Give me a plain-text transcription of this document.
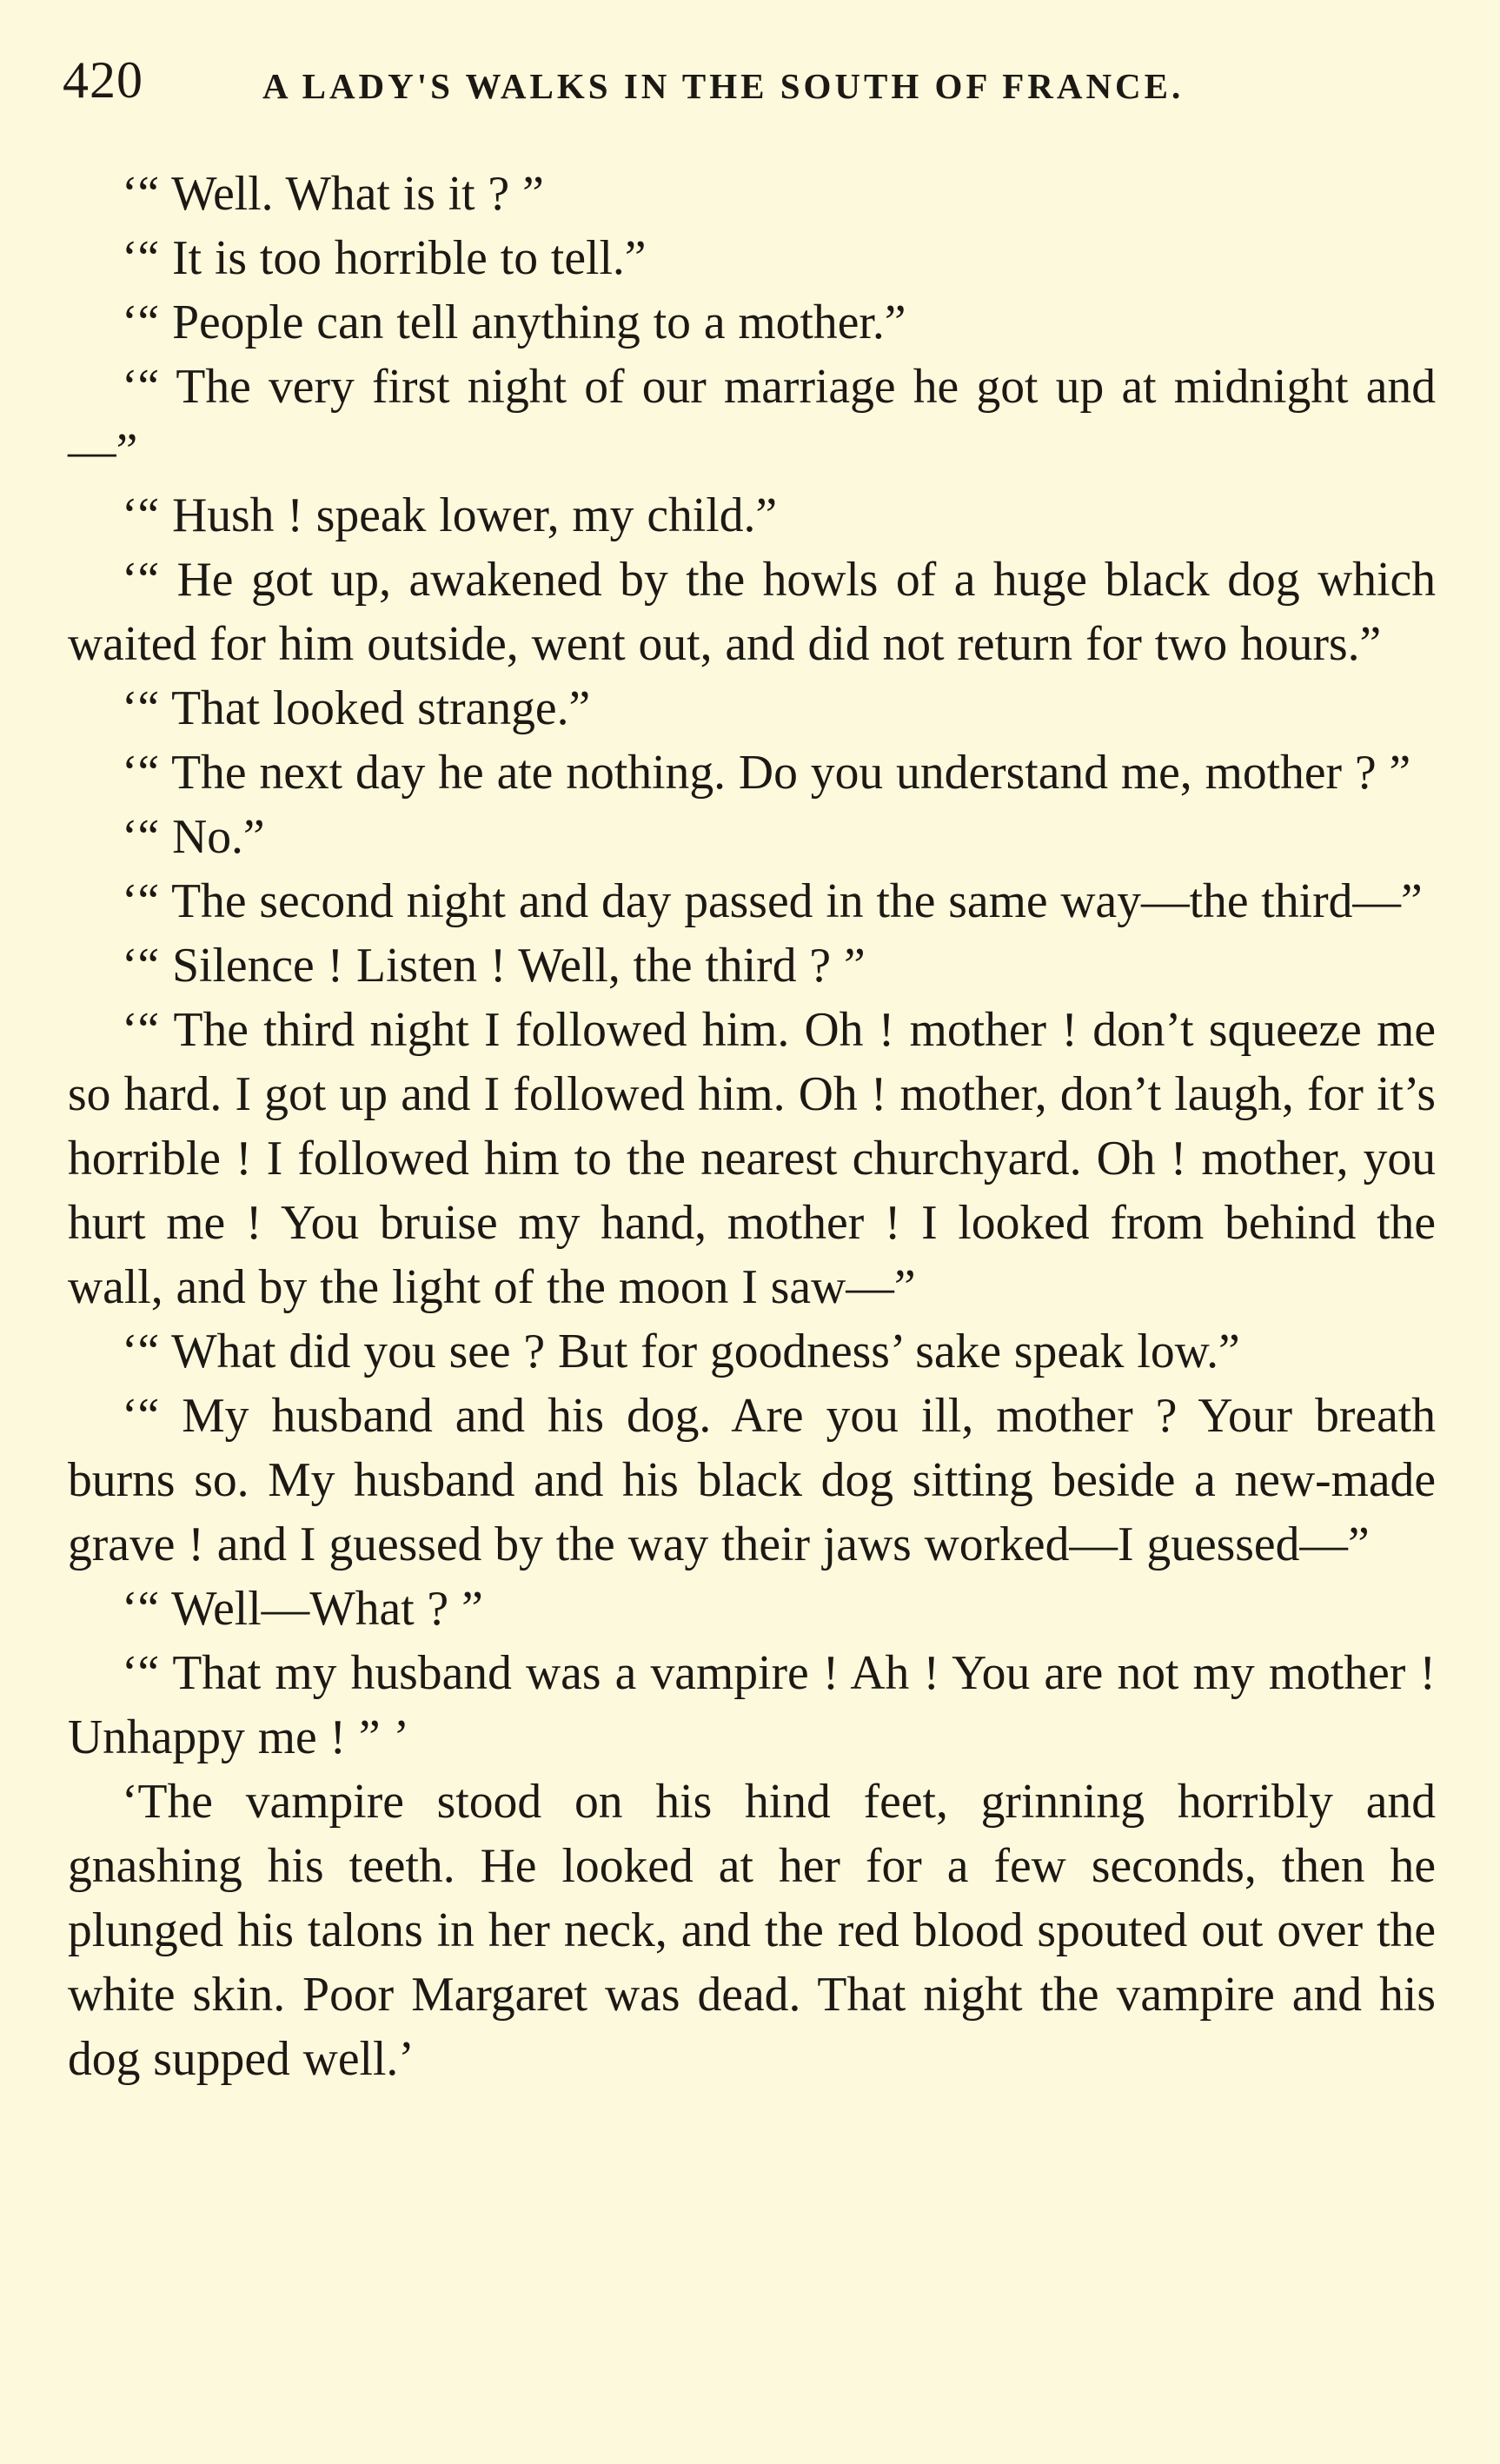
420	A LADY'S WALKS IN THE SOUTH OF FRANCE.

‘“ Well. What is it ? ”

‘“ It is too horrible to tell.”

‘“ People can tell anything to a mother.”

‘“ The very first night of our marriage he got up at midnight and—”

‘“ Hush ! speak lower, my child.”

‘“ He got up, awakened by the howls of a huge black dog which waited for him outside, went out, and did not return for two hours.”

‘“ That looked strange.”

‘“ The next day he ate nothing. Do you understand me, mother ? ”

‘“ No.”

‘“ The second night and day passed in the same way—the third—”

‘“ Silence ! Listen ! Well, the third ? ”

‘“ The third night I followed him. Oh ! mother ! don’t squeeze me so hard. I got up and I followed him. Oh ! mother, don’t laugh, for it’s horrible ! I followed him to the nearest churchyard. Oh ! mother, you hurt me ! You bruise my hand, mother ! I looked from behind the wall, and by the light of the moon I saw—”

‘“ What did you see ? But for goodness’ sake speak low.”

‘“ My husband and his dog. Are you ill, mother ? Your breath burns so. My husband and his black dog sitting beside a new-made grave ! and I guessed by the way their jaws worked—I guessed—”

‘“ Well—What ? ”

‘“ That my husband was a vampire ! Ah ! You are not my mother ! Unhappy me ! ” ’

‘The vampire stood on his hind feet, grinning horribly and gnashing his teeth. He looked at her for a few seconds, then he plunged his talons in her neck, and the red blood spouted out over the white skin. Poor Margaret was dead. That night the vampire and his dog supped well.’
